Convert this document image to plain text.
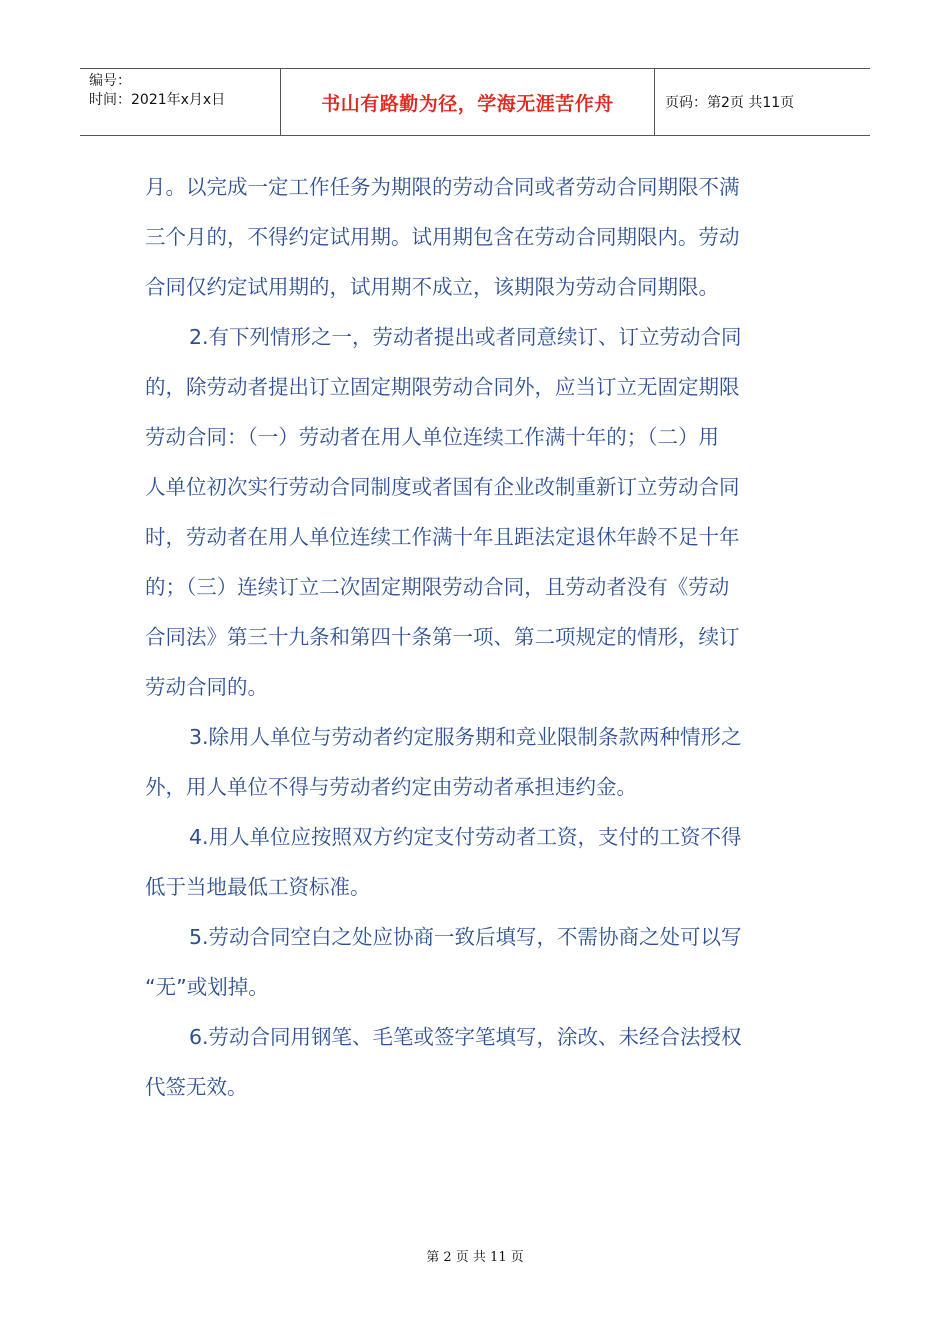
编号：
时间：2021年x月x日	书山有路勤为径，学海无涯苦作舟	页码：第2页 共11页

月。以完成一定工作任务为期限的劳动合同或者劳动合同期限不满
三个月的，不得约定试用期。试用期包含在劳动合同期限内。劳动
合同仅约定试用期的，试用期不成立，该期限为劳动合同期限。

2.有下列情形之一，劳动者提出或者同意续订、订立劳动合同
的，除劳动者提出订立固定期限劳动合同外，应当订立无固定期限
劳动合同：（一）劳动者在用人单位连续工作满十年的；（二）用
人单位初次实行劳动合同制度或者国有企业改制重新订立劳动合同
时，劳动者在用人单位连续工作满十年且距法定退休年龄不足十年
的；（三）连续订立二次固定期限劳动合同，且劳动者没有《劳动
合同法》第三十九条和第四十条第一项、第二项规定的情形，续订
劳动合同的。

3.除用人单位与劳动者约定服务期和竞业限制条款两种情形之
外，用人单位不得与劳动者约定由劳动者承担违约金。

4.用人单位应按照双方约定支付劳动者工资，支付的工资不得
低于当地最低工资标准。

5.劳动合同空白之处应协商一致后填写，不需协商之处可以写
“无”或划掉。

6.劳动合同用钢笔、毛笔或签字笔填写，涂改、未经合法授权
代签无效。

第 2 页 共 11 页
